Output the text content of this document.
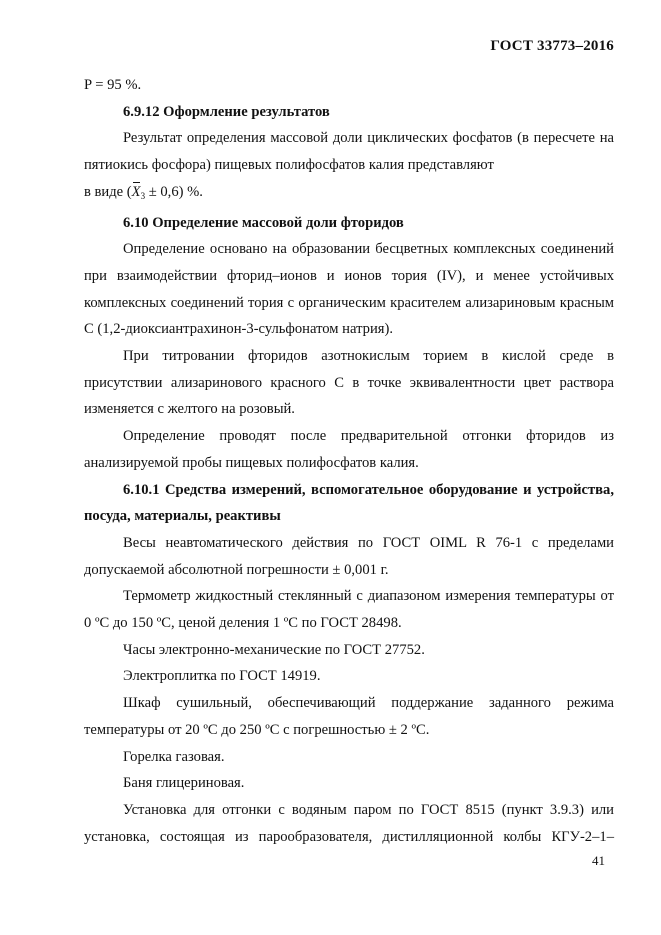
ГОСТ 33773–2016

P = 95 %.

6.9.12 Оформление результатов

Результат определения массовой доли циклических фосфатов (в пересчете на пятиокись фосфора) пищевых полифосфатов калия представляют

в виде $(X_3 \pm 0,6)$ %.

6.10 Определение массовой доли фторидов

Определение основано на образовании бесцветных комплексных соединений при взаимодействии фторид–ионов и ионов тория (IV), и менее устойчивых комплексных соединений тория с органическим красителем ализариновым красным С (1,2-диоксиантрахинон-3-сульфонатом натрия).

При титровании фторидов азотнокислым торием в кислой среде в присутствии ализаринового красного С в точке эквивалентности цвет раствора изменяется с желтого на розовый.

Определение проводят после предварительной отгонки фторидов из анализируемой пробы пищевых полифосфатов калия.

6.10.1 Средства измерений, вспомогательное оборудование и устройства, посуда, материалы, реактивы

Весы неавтоматического действия по ГОСТ OIML R 76-1 с пределами допускаемой абсолютной погрешности ± 0,001 г.

Термометр жидкостный стеклянный с диапазоном измерения температуры от 0 ºС до 150 ºС, ценой деления 1 ºС по ГОСТ 28498.

Часы электронно-механические по ГОСТ 27752.

Электроплитка по ГОСТ 14919.

Шкаф сушильный, обеспечивающий поддержание заданного режима температуры от 20 ºС до 250 ºС с погрешностью ± 2 ºС.

Горелка газовая.

Баня глицериновая.

Установка для отгонки с водяным паром по ГОСТ 8515 (пункт 3.9.3) или установка, состоящая из парообразователя, дистилляционной колбы КГУ-2–1–

41
